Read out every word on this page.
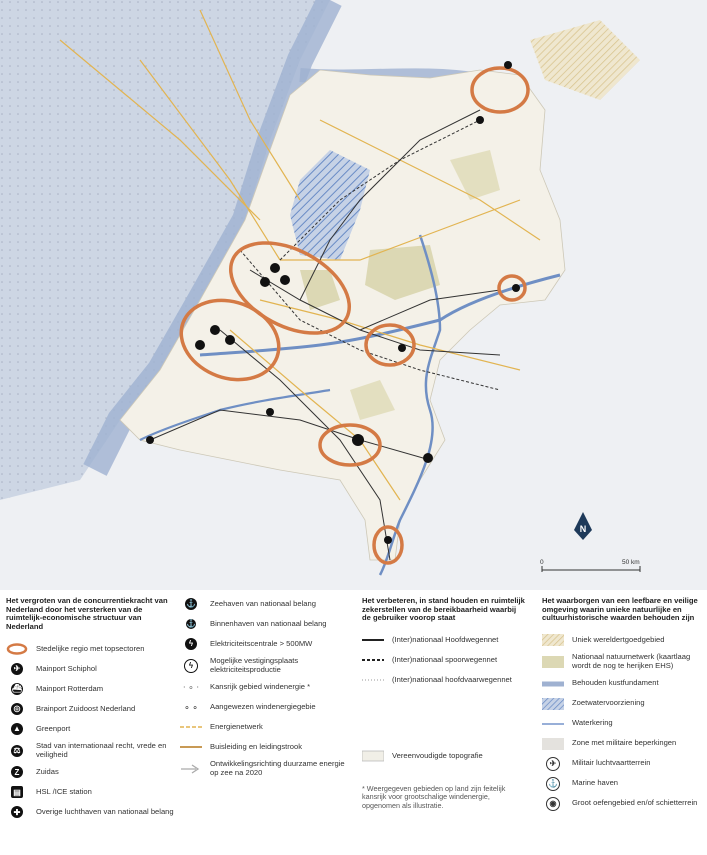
N
0	50 km
Het vergroten van de concurrentiekracht van Nederland door het versterken van de ruimtelijk-economische structuur van Nederland
Stedelijke regio met topsectoren
✈	Mainport Schiphol
⛴ Mainport Rotterdam
◎	Brainport Zuidoost Nederland
▲ Greenport
⚖
Stad van internationaal recht, vrede en veiligheid
Z	Zuidas
▤ HSL /ICE station
✚	Overige luchthaven van nationaal belang
⚓ Zeehaven van nationaal belang
⚓ Binnenhaven van nationaal belang
ϟ	Elektriciteitscentrale > 500MW
ϟ
Mogelijke vestigingsplaats elektriciteitsproductie
⋅ ∘ ⋅ Kansrijk gebied windenergie *
∘ ∘ Aangewezen windenergiegebie
Energienetwerk
Buisleiding en leidingstrook
Ontwikkelingsrichting duurzame energie op zee na 2020
Het verbeteren, in stand houden en ruimtelijk zekerstellen van de bereikbaarheid waarbij de gebruiker voorop staat
(Inter)nationaal Hoofdwegennet
(Inter)nationaal spoorwegennet
(Inter)nationaal hoofdvaarwegennet
Vereenvoudigde topografie
* Weergegeven gebieden op land zijn feitelijk kansrijk voor grootschalige windenergie, opgenomen als illustratie.
Het waarborgen van een leefbare en veilige omgeving waarin unieke natuurlijke en cultuurhistorische waarden behouden zijn
Uniek wereldertgoedgebied
Nationaal natuurnetwerk (kaartlaag wordt de nog te herijken EHS)
Behouden kustfundament
Zoetwatervoorziening
Waterkering
Zone met militaire beperkingen
✈	Militair luchtvaartterrein
⚓ Marine haven
◉	Groot oefengebied en/of schietterrein
